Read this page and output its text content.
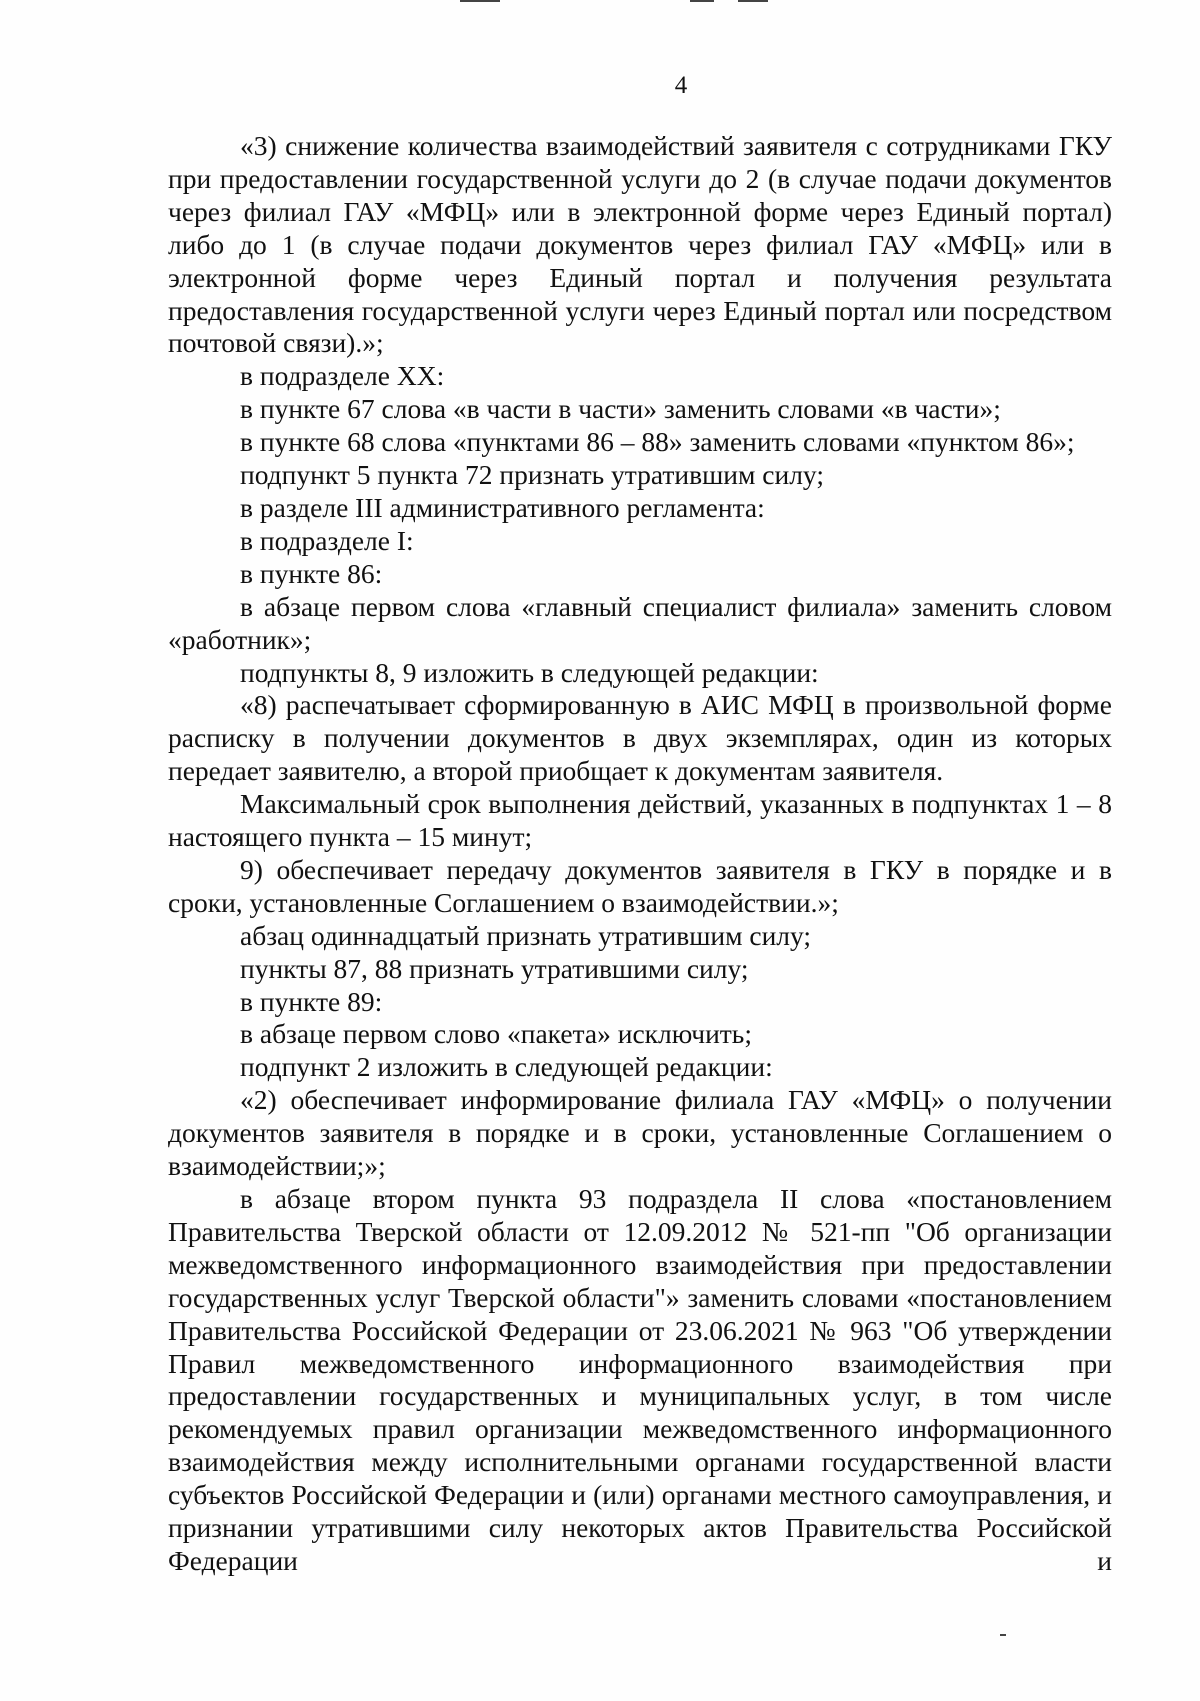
4

«3) снижение количества взаимодействий заявителя с сотрудниками ГКУ при предоставлении государственной услуги до 2 (в случае подачи документов через филиал ГАУ «МФЦ» или в электронной форме через Единый портал) либо до 1 (в случае подачи документов через филиал ГАУ «МФЦ» или в электронной форме через Единый портал и получения результата предоставления государственной услуги через Единый портал или посредством почтовой связи).»;

в подразделе XX:

в пункте 67 слова «в части в части» заменить словами «в части»;

в пункте 68 слова «пунктами 86 – 88» заменить словами «пунктом 86»;

подпункт 5 пункта 72 признать утратившим силу;

в разделе III административного регламента:

в подразделе I:

в пункте 86:

в абзаце первом слова «главный специалист филиала» заменить словом «работник»;

подпункты 8, 9 изложить в следующей редакции:

«8) распечатывает сформированную в АИС МФЦ в произвольной форме расписку в получении документов в двух экземплярах, один из которых передает заявителю, а второй приобщает к документам заявителя.

Максимальный срок выполнения действий, указанных в подпунктах 1 – 8 настоящего пункта – 15 минут;

9) обеспечивает передачу документов заявителя в ГКУ в порядке и в сроки, установленные Соглашением о взаимодействии.»;

абзац одиннадцатый признать утратившим силу;

пункты 87, 88 признать утратившими силу;

в пункте 89:

в абзаце первом слово «пакета» исключить;

подпункт 2 изложить в следующей редакции:

«2) обеспечивает информирование филиала ГАУ «МФЦ» о получении документов заявителя в порядке и в сроки, установленные Соглашением о взаимодействии;»;

в абзаце втором пункта 93 подраздела II слова «постановлением Правительства Тверской области от 12.09.2012 № 521-пп "Об организации межведомственного информационного взаимодействия при предоставлении государственных услуг Тверской области"» заменить словами «постановлением Правительства Российской Федерации от 23.06.2021 № 963 "Об утверждении Правил межведомственного информационного взаимодействия при предоставлении государственных и муниципальных услуг, в том числе рекомендуемых правил организации межведомственного информационного взаимодействия между исполнительными органами государственной власти субъектов Российской Федерации и (или) органами местного самоуправления, и признании утратившими силу некоторых актов Правительства Российской Федерации и
